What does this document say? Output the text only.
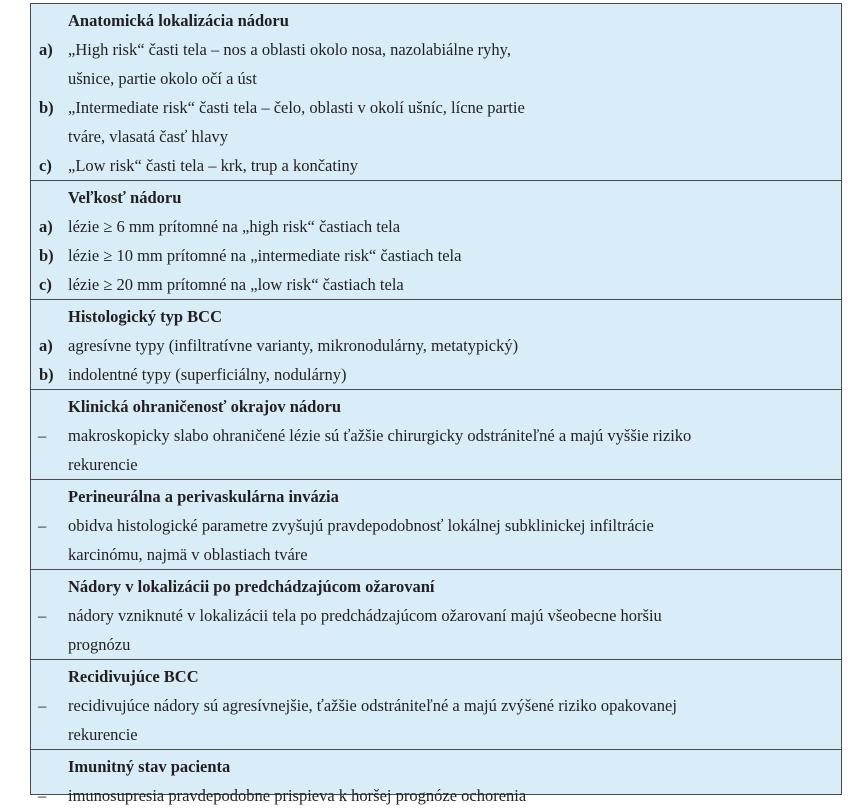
Anatomická lokalizácia nádoru
a) „High risk“ časti tela – nos a oblasti okolo nosa, nazolabiálne ryhy,
ušnice, partie okolo očí a úst
b) „Intermediate risk“ časti tela – čelo, oblasti v okolí ušníc, lícne partie
tváre, vlasatá časť hlavy
c) „Low risk“ časti tela – krk, trup a končatiny
Veľkosť nádoru
a) lézie ≥ 6 mm prítomné na „high risk“ častiach tela
b) lézie ≥ 10 mm prítomné na „intermediate risk“ častiach tela
c) lézie ≥ 20 mm prítomné na „low risk“ častiach tela
Histologický typ BCC
a) agresívne typy (infiltratívne varianty, mikronodulárny, metatypický)
b) indolentné typy (superficiálny, nodulárny)
Klinická ohraničenosť okrajov nádoru
–	makroskopicky slabo ohraničené lézie sú ťažšie chirurgicky odstrániteľné a majú vyššie riziko
rekurencie
Perineurálna a perivaskulárna invázia
–	obidva histologické parametre zvyšujú pravdepodobnosť lokálnej subklinickej infiltrácie
karcinómu, najmä v oblastiach tváre
Nádory v lokalizácii po predchádzajúcom ožarovaní
–	nádory vzniknuté v lokalizácii tela po predchádzajúcom ožarovaní majú všeobecne horšiu
prognózu
Recidivujúce BCC
–	recidivujúce nádory sú agresívnejšie, ťažšie odstrániteľné a majú zvýšené riziko opakovanej
rekurencie
Imunitný stav pacienta
–	imunosupresia pravdepodobne prispieva k horšej prognóze ochorenia
